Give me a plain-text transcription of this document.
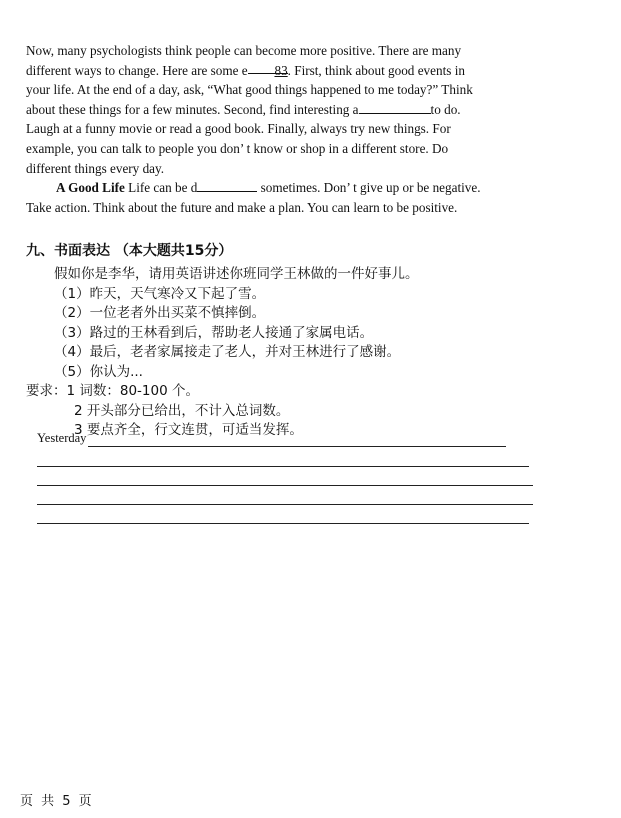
Now, many psychologists think people can become more positive. There are many
different ways to change. Here are some e 83. First, think about good events in
your life. At the end of a day, ask, “What good things happened to me today?” Think
about these things for a few minutes. Second, find interesting a	to do.
Laugh at a funny movie or read a good book. Finally, always try new things. For
example, you can talk to people you don’ t know or shop in a different store. Do
different things every day.
A Good Life Life can be d	sometimes. Don’ t give up or be negative.
Take action. Think about the future and make a plan. You can learn to be positive.
九、书面表达 （本大题共15分）
假如你是李华，请用英语讲述你班同学王林做的一件好事儿。
（1）昨天，天气寒冷又下起了雪。
（2）一位老者外出买菜不慎摔倒。
（3）路过的王林看到后，帮助老人接通了家属电话。
（4）最后，老者家属接走了老人，并对王林进行了感谢。
（5）你认为...
要求：1 词数：80-100 个。
2 开头部分已给出，不计入总词数。
3 要点齐全，行文连贯，可适当发挥。
Yesterday
页 共 5 页
